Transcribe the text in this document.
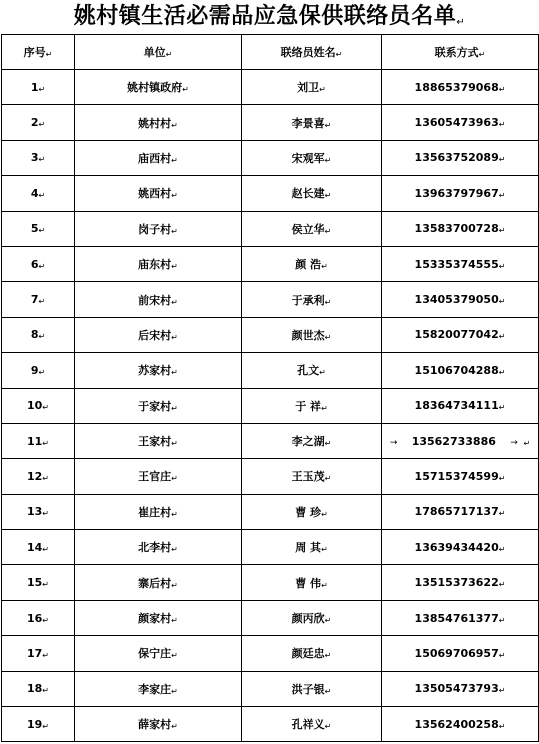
姚村镇生活必需品应急保供联络员名单↵
序号↵	单位↵	联络员姓名↵	联系方式↵
1↵	姚村镇政府↵	刘卫↵	18865379068↵
2↵	姚村村↵	李景喜↵	13605473963↵
3↵	庙西村↵	宋观军↵	13563752089↵
4↵	姚西村↵	赵长建↵	13963797967↵
5↵	岗子村↵	侯立华↵	13583700728↵
6↵	庙东村↵	颜 浩↵	15335374555↵
7↵	前宋村↵	于承利↵	13405379050↵
8↵	后宋村↵	颜世杰↵	15820077042↵
9↵	苏家村↵	孔文↵	15106704288↵
10↵	于家村↵	于 祥↵	18364734111↵
11↵	王家村↵	李之湖↵	→     13562733886     →  ↵
12↵	王官庄↵	王玉茂↵	15715374599↵
13↵	崔庄村↵	曹 珍↵	17865717137↵
14↵	北李村↵	周 其↵	13639434420↵
15↵	寨后村↵	曹 伟↵	13515373622↵
16↵	颜家村↵	颜丙欣↵	13854761377↵
17↵	保宁庄↵	颜廷忠↵	15069706957↵
18↵	李家庄↵	洪子银↵	13505473793↵
19↵	薛家村↵	孔祥义↵	13562400258↵
